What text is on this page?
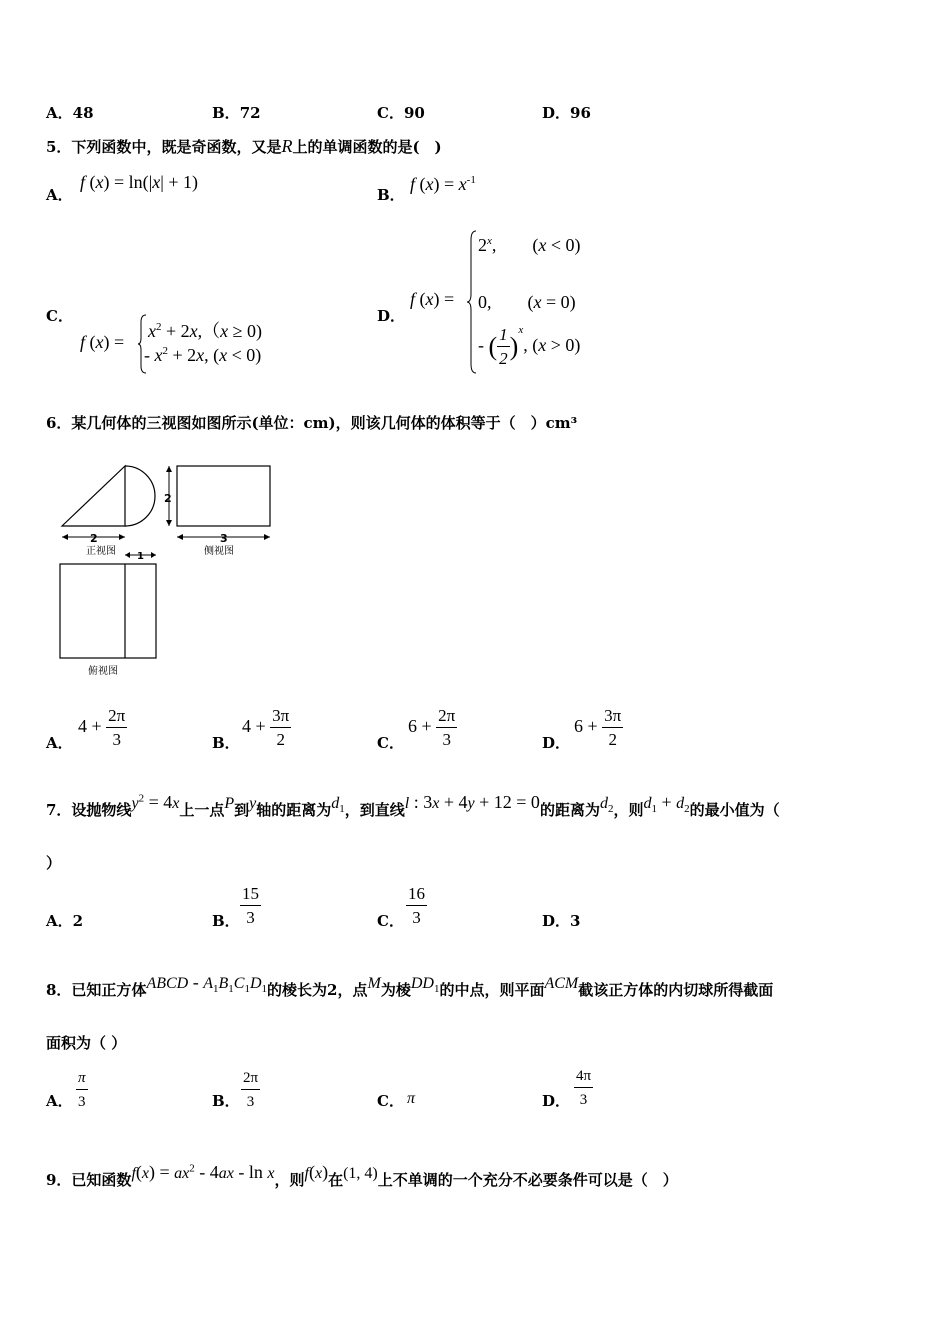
A．48	B．72	C．90	D．96
5．下列函数中，既是奇函数，又是R上的单调函数的是(　)
A．
f (x) = ln(|x| + 1)
B．
f $(x) = x^{-1}$
C．
f (x) =
$x^2 + 2x,(x \ge 0)$
- $x^2 + 2x$, (x < 0)
D．
f (x) =
$2^x$,　　(x < 0)
0,　　(x = 0)
- ( $\frac{1}{2} )^x$, (x > 0)
6．某几何体的三视图如图所示(单位：cm)，则该几何体的体积等于（　）cm³
2
正视图
2
3
侧视图
1
俯视图
A．
$4 + \frac{2\pi}{3}$	B．
$4 + \frac{3\pi}{2}$	C．
$6 + \frac{2\pi}{3}$	D．
$6 + \frac{3\pi}{2}$
7．设抛物线$y^2 = 4x$上一点P到y轴的距离为$d_1$，到直线l : 3x + 4y + 12 = 0的距离为$d_2$，则$d_1 + d_2$的最小值为（
）
A．2	B． $\frac{15}{3}$	C． $\frac{16}{3}$	D．3
8．已知正方体ABCD - $A_1B_1C_1D_1$的棱长为2，点M为棱$DD_1$的中点，则平面ACM截该正方体的内切球所得截面
面积为（ ）
A． $\frac{\pi}{3}$	B． $\frac{2\pi}{3}$	C． π	D． $\frac{4\pi}{3}$
9．已知函数$f(x) = ax^2 - 4ax - \ln x$，则f(x)在(1, 4)上不单调的一个充分不必要条件可以是（　）
